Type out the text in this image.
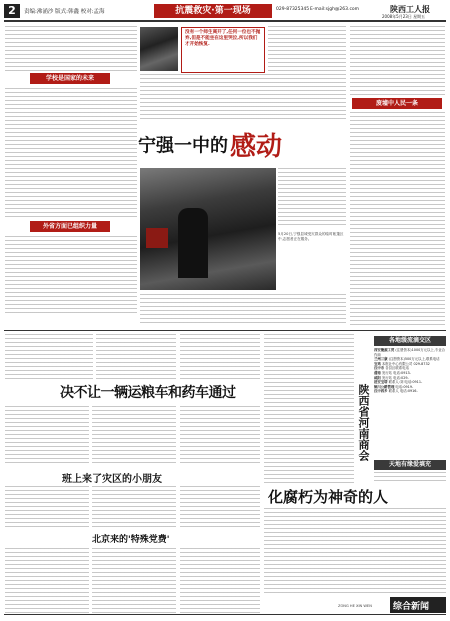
2	责编:沸涌沙 版式:韩鑫 校对:孟海	抗震救灾·第一现场	029-87325345 E-mail:sjgh@263.com	陕西工人报
2008年5月23日 星期五
学校是国家的未来
外省方面已组织力量
没有一个师生离开了,任何一位也不抛弃,但是不能坐在这里哭泣,所以我们才开始恢复.
废墟中人民一条
宁强一中的感动
5月20日,宁强县城受灾群众的临时帐篷区中,志愿者正在服务。
决不让一辆运粮车和药车通过
班上来了灾区的小朋友
北京来的'特殊党费'
陕西省河南商会
化腐朽为神奇的人
各地缓流滴交区
西安聚源工贸 (注册资本)1000万元以上,专业合作商
兰州三康 (注册资本)500万元以上,联系电话
宝鸡 本报社中心有限公司 029-8732
汉中市 各县区联系电话
渭南 发行站 电话:0913-
咸阳 发行站 电话:029-
延安宝塔 联系人:刘 电话:0911-
铜川公路管理 电话:0919-
汉中西乡 联系人 电话:0916-
天地有缘爱填充
综合新闻
ZONG HE XIN WEN
